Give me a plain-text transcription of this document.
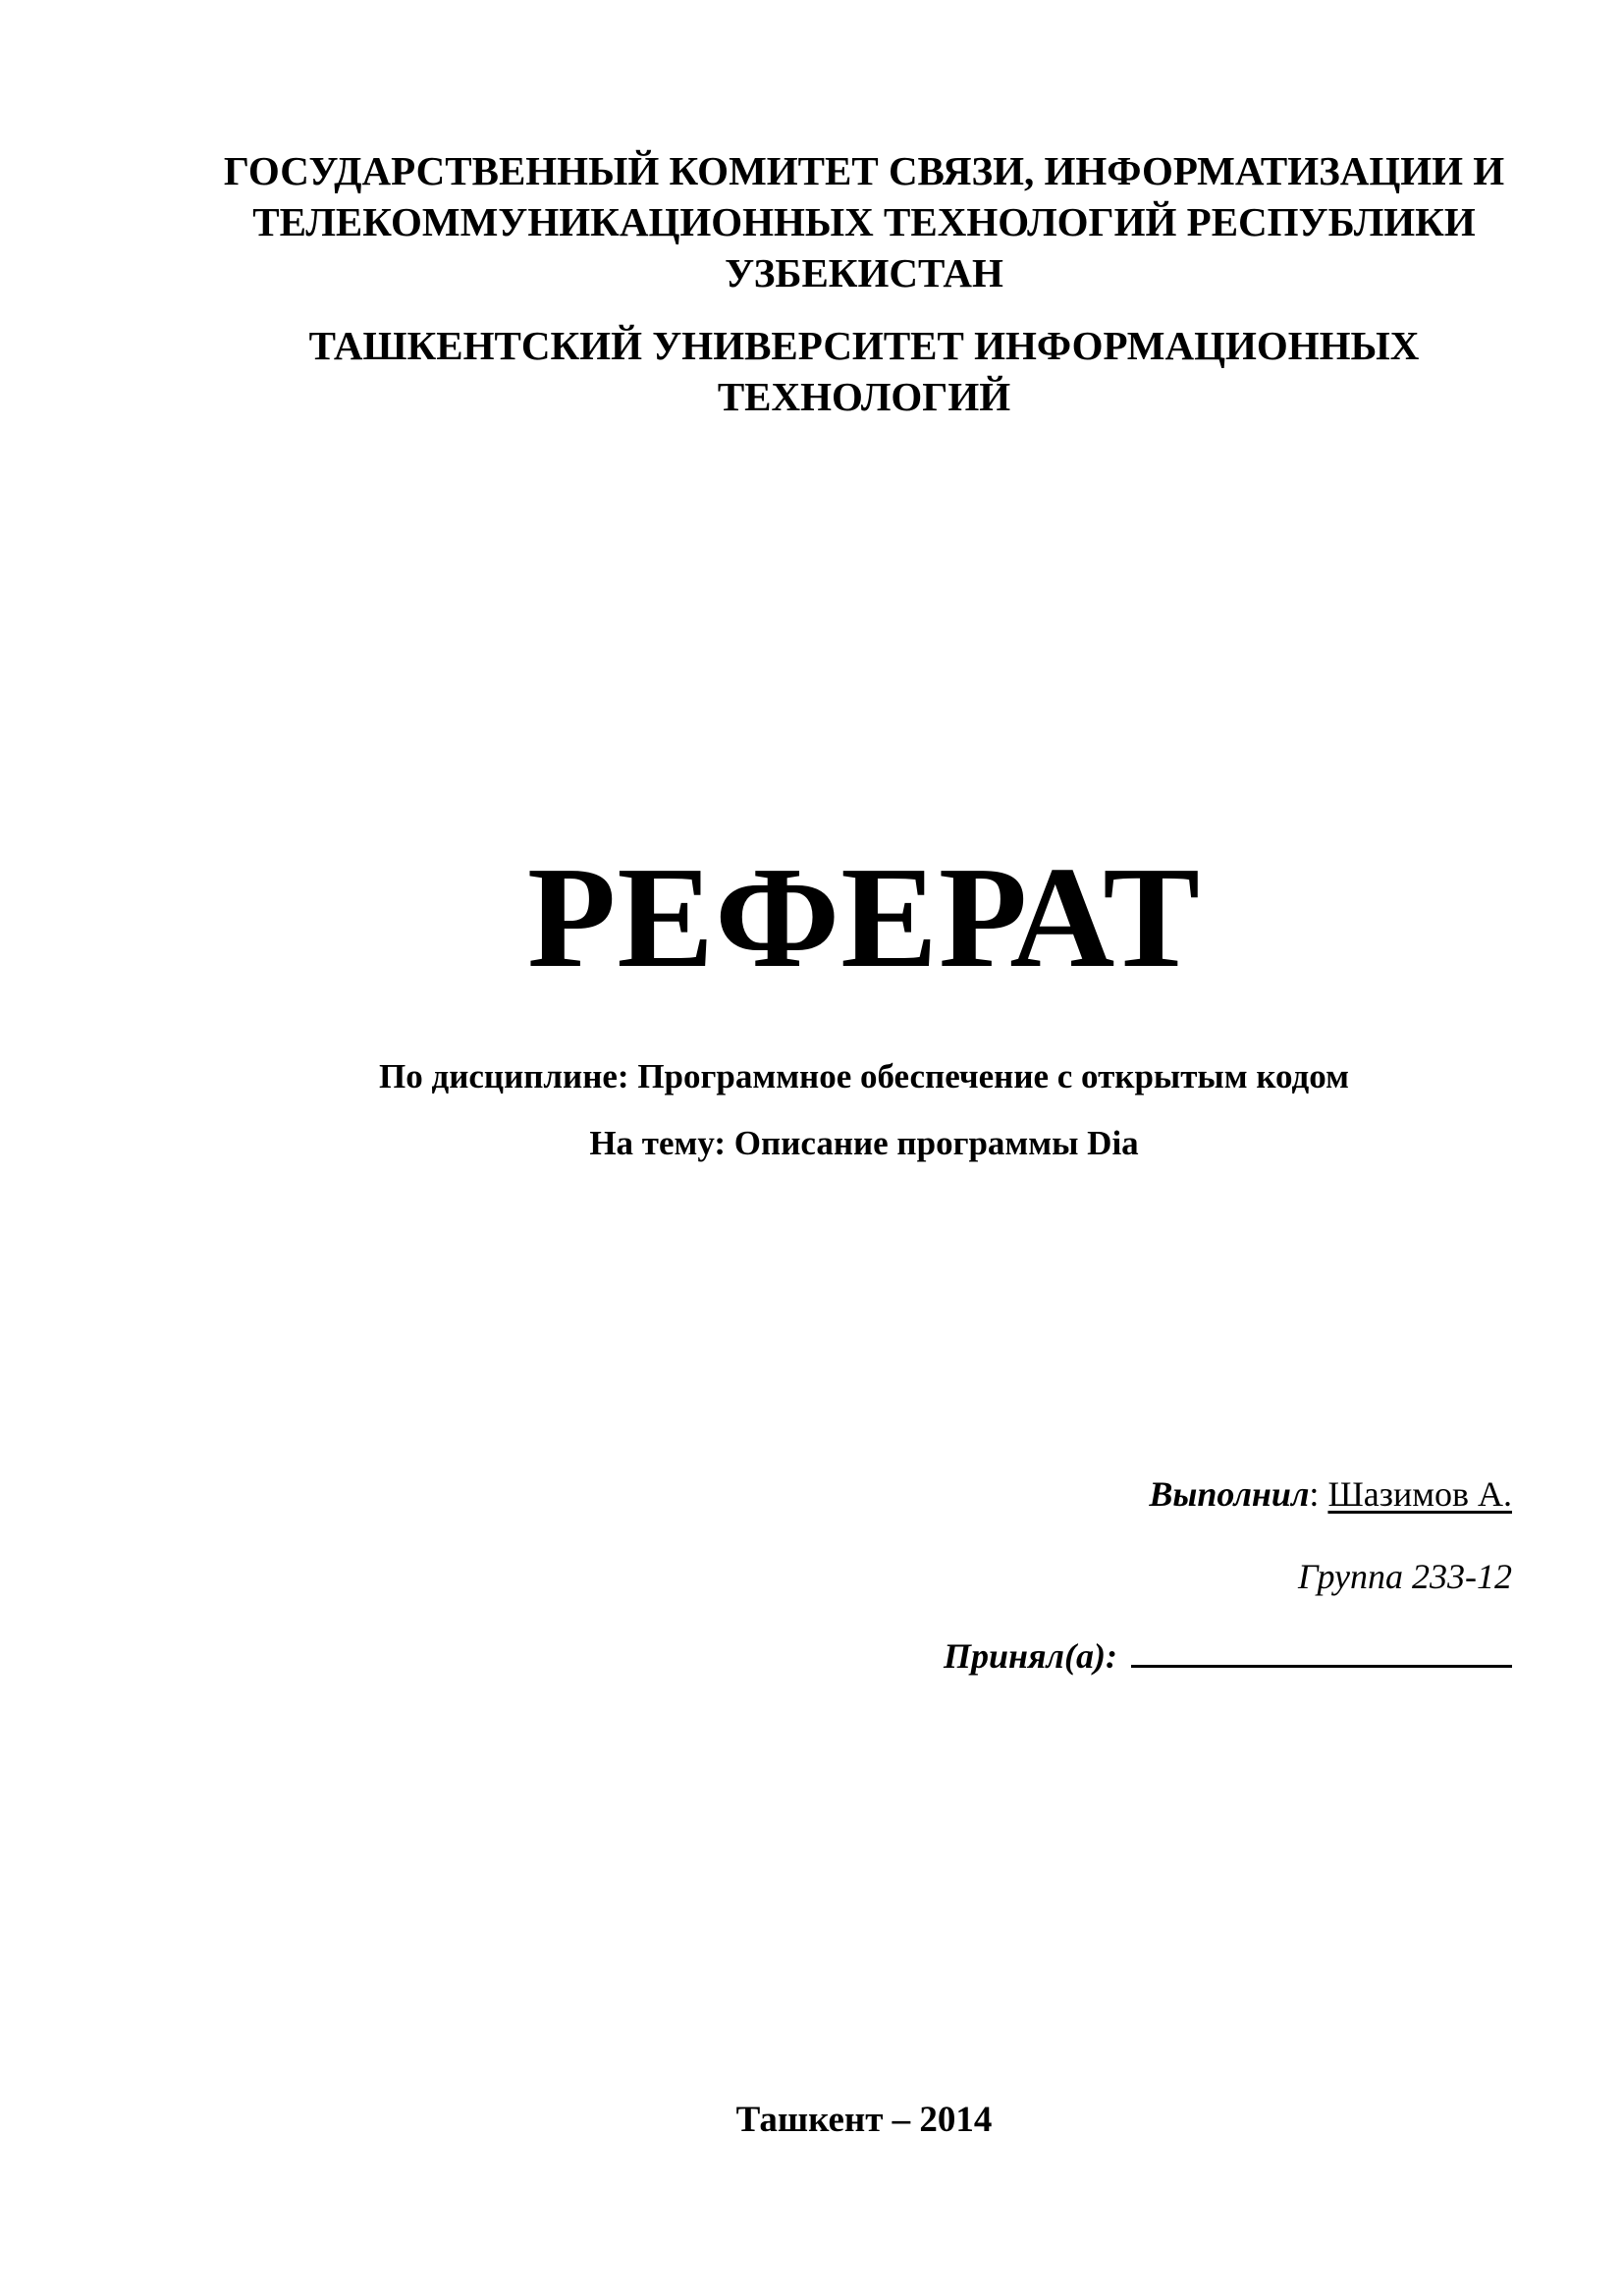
ГОСУДАРСТВЕННЫЙ КОМИТЕТ СВЯЗИ, ИНФОРМАТИЗАЦИИ И
ТЕЛЕКОММУНИКАЦИОННЫХ ТЕХНОЛОГИЙ РЕСПУБЛИКИ
УЗБЕКИСТАН
ТАШКЕНТСКИЙ УНИВЕРСИТЕТ ИНФОРМАЦИОННЫХ
ТЕХНОЛОГИЙ
РЕФЕРАТ
По дисциплине: Программное обеспечение с открытым кодом
На тему: Описание программы Dia
Выполнил: Шазимов А.
Группа 233-12
Принял(а):
Ташкент – 2014
